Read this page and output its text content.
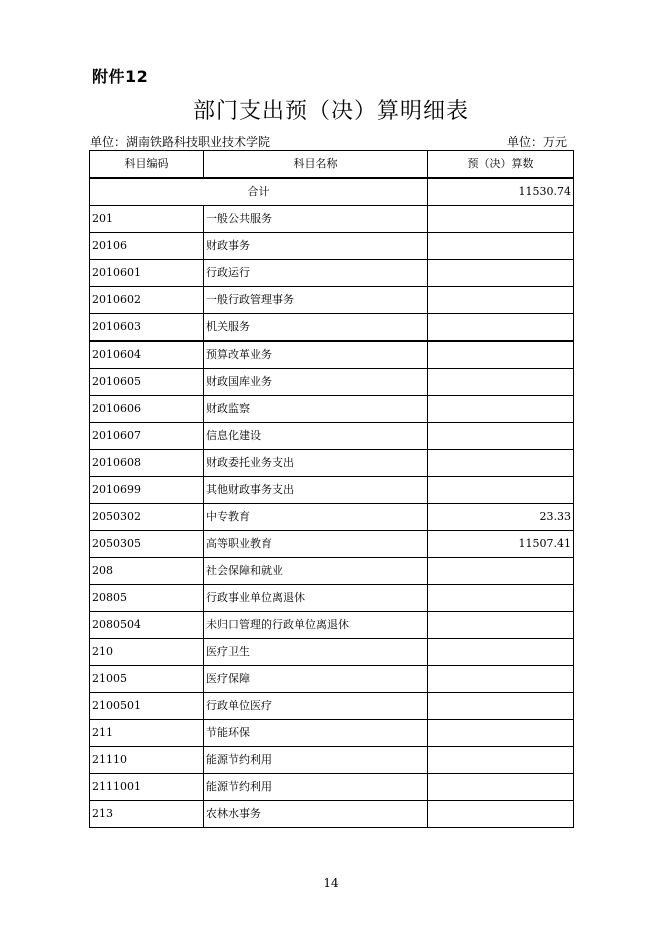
附件12
部门支出预（决）算明细表
单位：湖南铁路科技职业技术学院	单位：万元
科目编码	科目名称	预（决）算数
合计		11530.74
201	一般公共服务	
20106	财政事务	
2010601	行政运行	
2010602	一般行政管理事务	
2010603	机关服务	
2010604	预算改革业务	
2010605	财政国库业务	
2010606	财政监察	
2010607	信息化建设	
2010608	财政委托业务支出	
2010699	其他财政事务支出	
2050302	中专教育	23.33
2050305	高等职业教育	11507.41
208	社会保障和就业	
20805	行政事业单位离退休	
2080504	未归口管理的行政单位离退休	
210	医疗卫生	
21005	医疗保障	
2100501	行政单位医疗	
211	节能环保	
21110	能源节约利用	
2111001	能源节约利用	
213	农林水事务	
14
